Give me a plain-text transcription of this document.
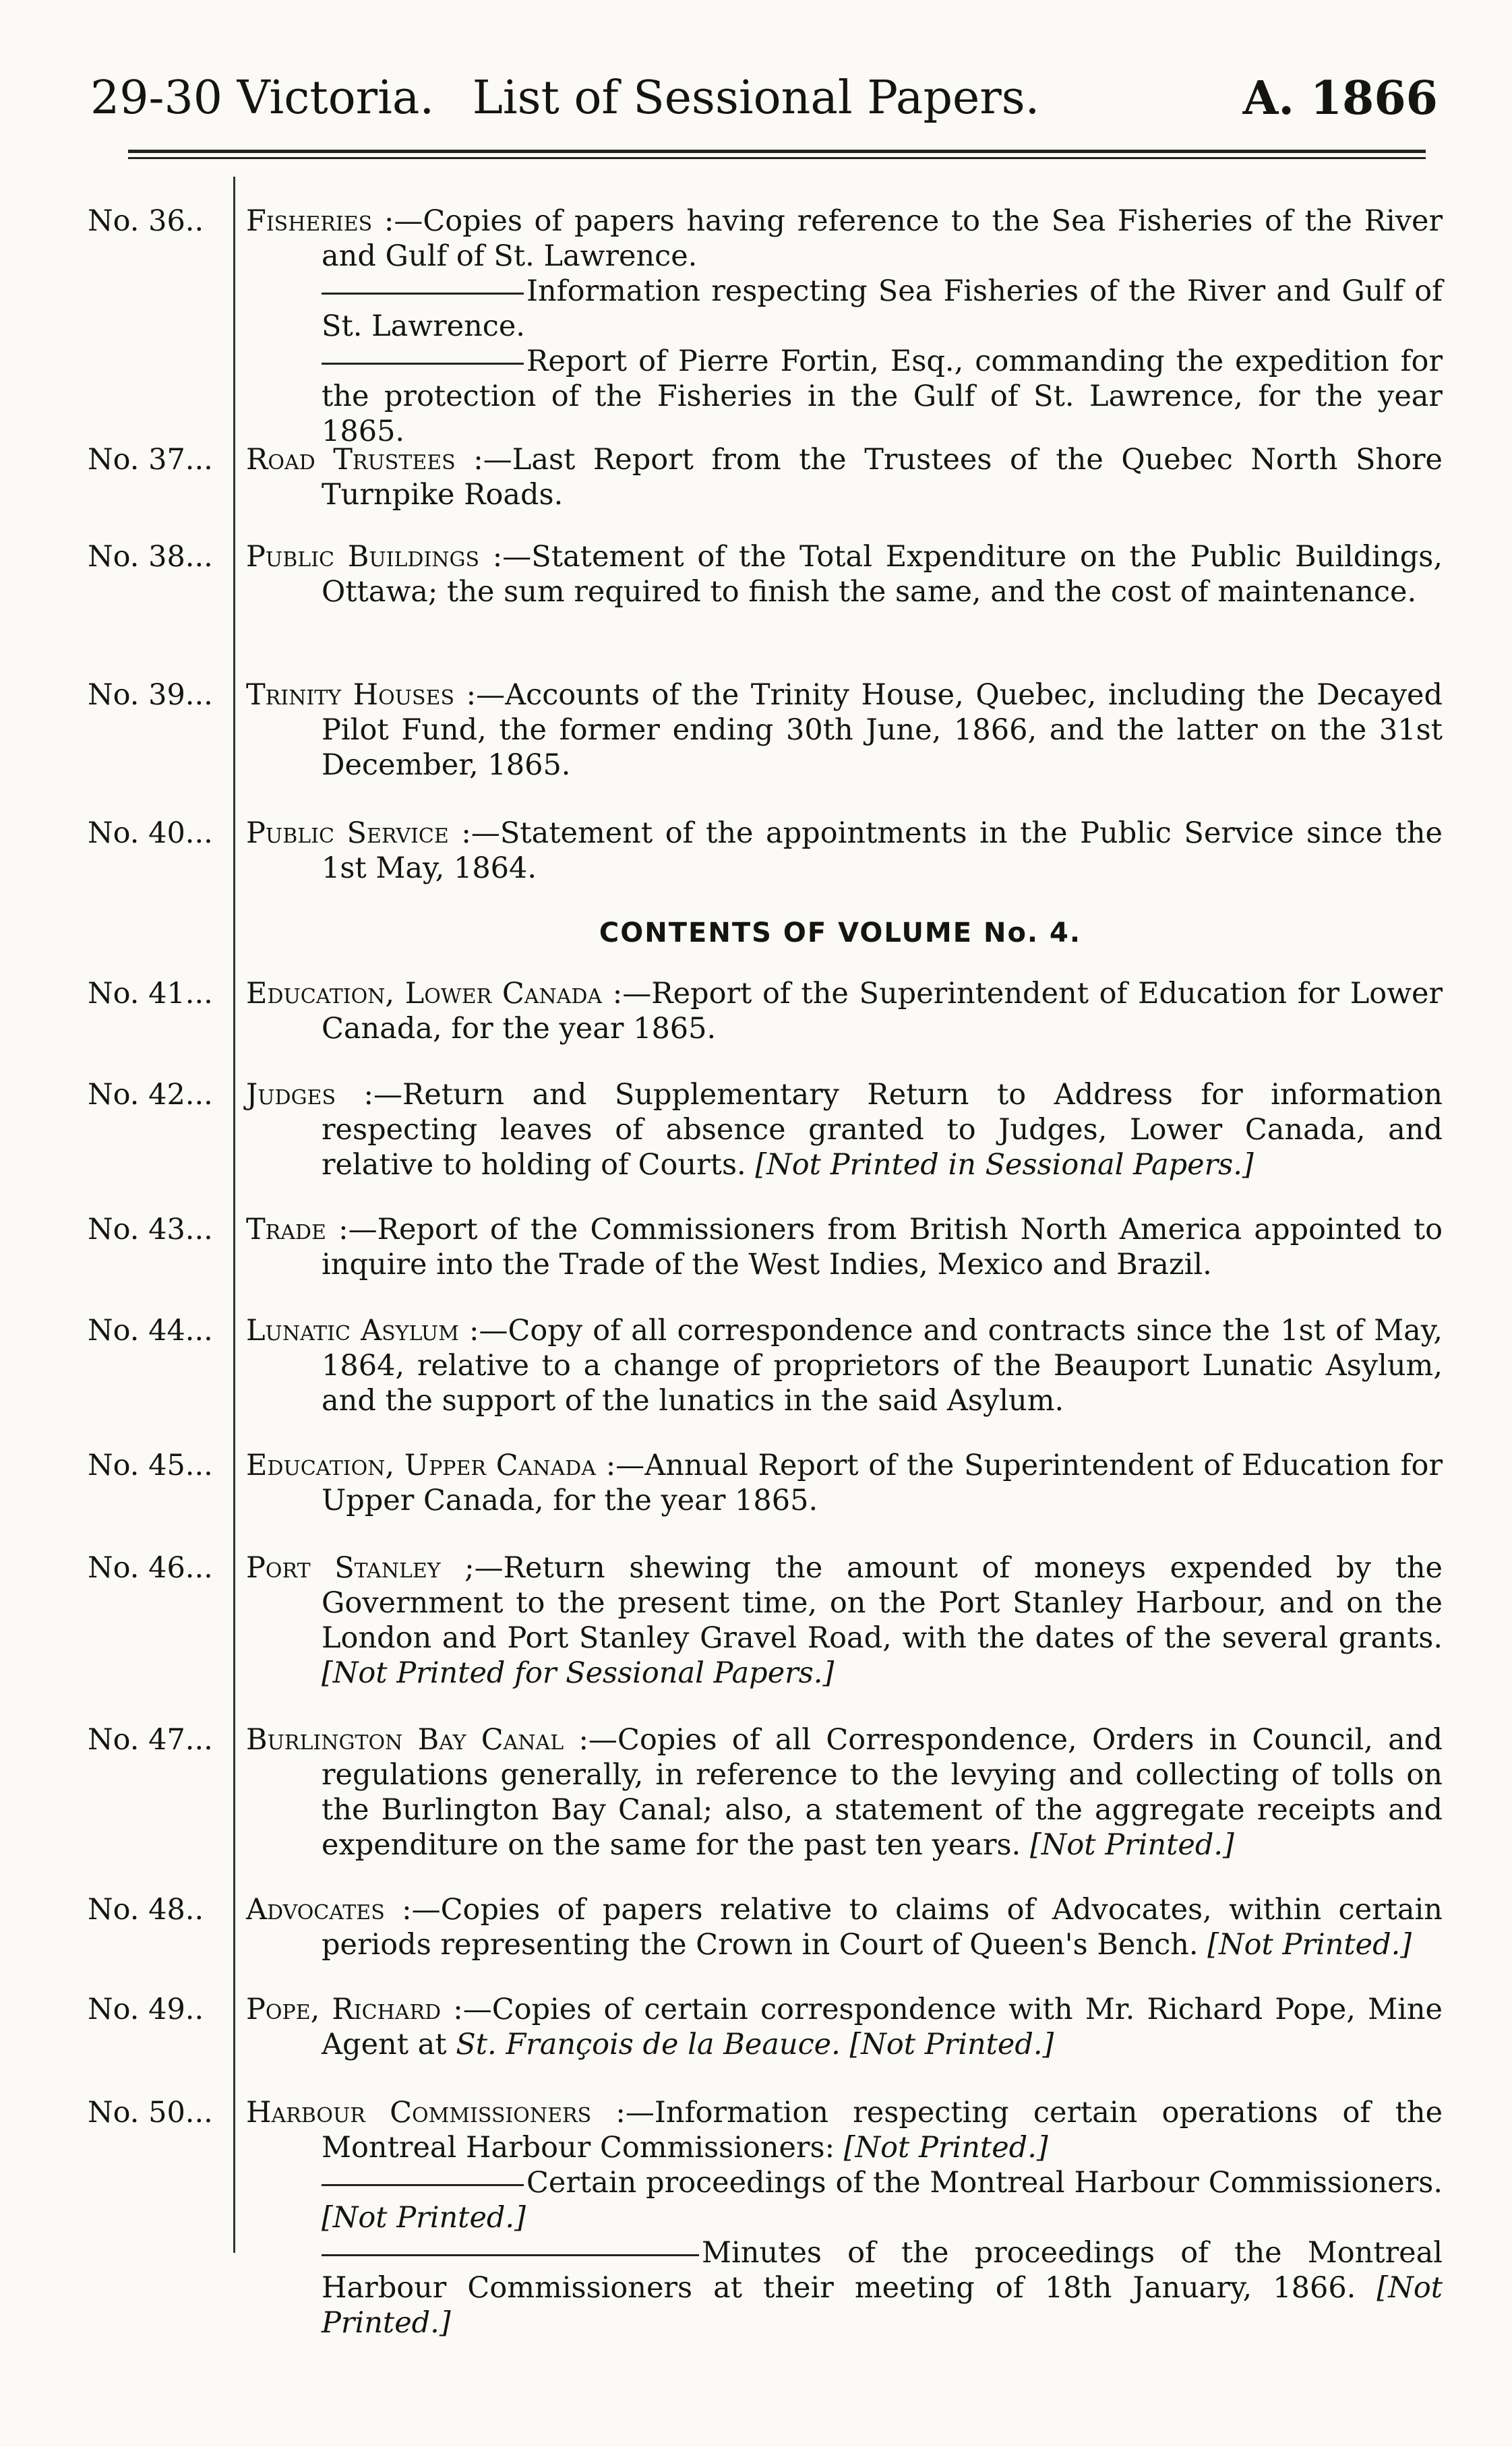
29-30 Victoria. List of Sessional Papers.	A. 1866
No. 36..	Fisheries :—Copies of papers having reference to the Sea Fisheries of the River and Gulf of St. Lawrence.
Information respecting Sea Fisheries of the River and Gulf of St. Lawrence.
Report of Pierre Fortin, Esq., commanding the expedition for the protection of the Fisheries in the Gulf of St. Lawrence, for the year 1865.
No. 37...	Road Trustees :—Last Report from the Trustees of the Quebec North Shore Turnpike Roads.
No. 38...	Public Buildings :—Statement of the Total Expenditure on the Public Buildings, Ottawa; the sum required to finish the same, and the cost of maintenance.
No. 39...	Trinity Houses :—Accounts of the Trinity House, Quebec, including the Decayed Pilot Fund, the former ending 30th June, 1866, and the latter on the 31st December, 1865.
No. 40...	Public Service :—Statement of the appointments in the Public Service since the 1st May, 1864.
CONTENTS OF VOLUME No. 4.
No. 41...	Education, Lower Canada :—Report of the Superintendent of Education for Lower Canada, for the year 1865.
No. 42...	Judges :—Return and Supplementary Return to Address for information respecting leaves of absence granted to Judges, Lower Canada, and relative to holding of Courts. [Not Printed in Sessional Papers.]
No. 43...	Trade :—Report of the Commissioners from British North America appointed to inquire into the Trade of the West Indies, Mexico and Brazil.
No. 44...	Lunatic Asylum :—Copy of all correspondence and contracts since the 1st of May, 1864, relative to a change of proprietors of the Beauport Lunatic Asylum, and the support of the lunatics in the said Asylum.
No. 45...	Education, Upper Canada :—Annual Report of the Superintendent of Education for Upper Canada, for the year 1865.
No. 46...	Port Stanley ;—Return shewing the amount of moneys expended by the Government to the present time, on the Port Stanley Harbour, and on the London and Port Stanley Gravel Road, with the dates of the several grants. [Not Printed for Sessional Papers.]
No. 47...	Burlington Bay Canal :—Copies of all Correspondence, Orders in Council, and regulations generally, in reference to the levying and collecting of tolls on the Burlington Bay Canal; also, a statement of the aggregate receipts and expenditure on the same for the past ten years. [Not Printed.]
No. 48..	Advocates :—Copies of papers relative to claims of Advocates, within certain periods representing the Crown in Court of Queen's Bench. [Not Printed.]
No. 49..	Pope, Richard :—Copies of certain correspondence with Mr. Richard Pope, Mine Agent at St. François de la Beauce. [Not Printed.]
No. 50...	Harbour Commissioners :—Information respecting certain operations of the Montreal Harbour Commissioners: [Not Printed.]
Certain proceedings of the Montreal Harbour Commissioners. [Not Printed.]
Minutes of the proceedings of the Montreal Harbour Commissioners at their meeting of 18th January, 1866. [Not Printed.]
